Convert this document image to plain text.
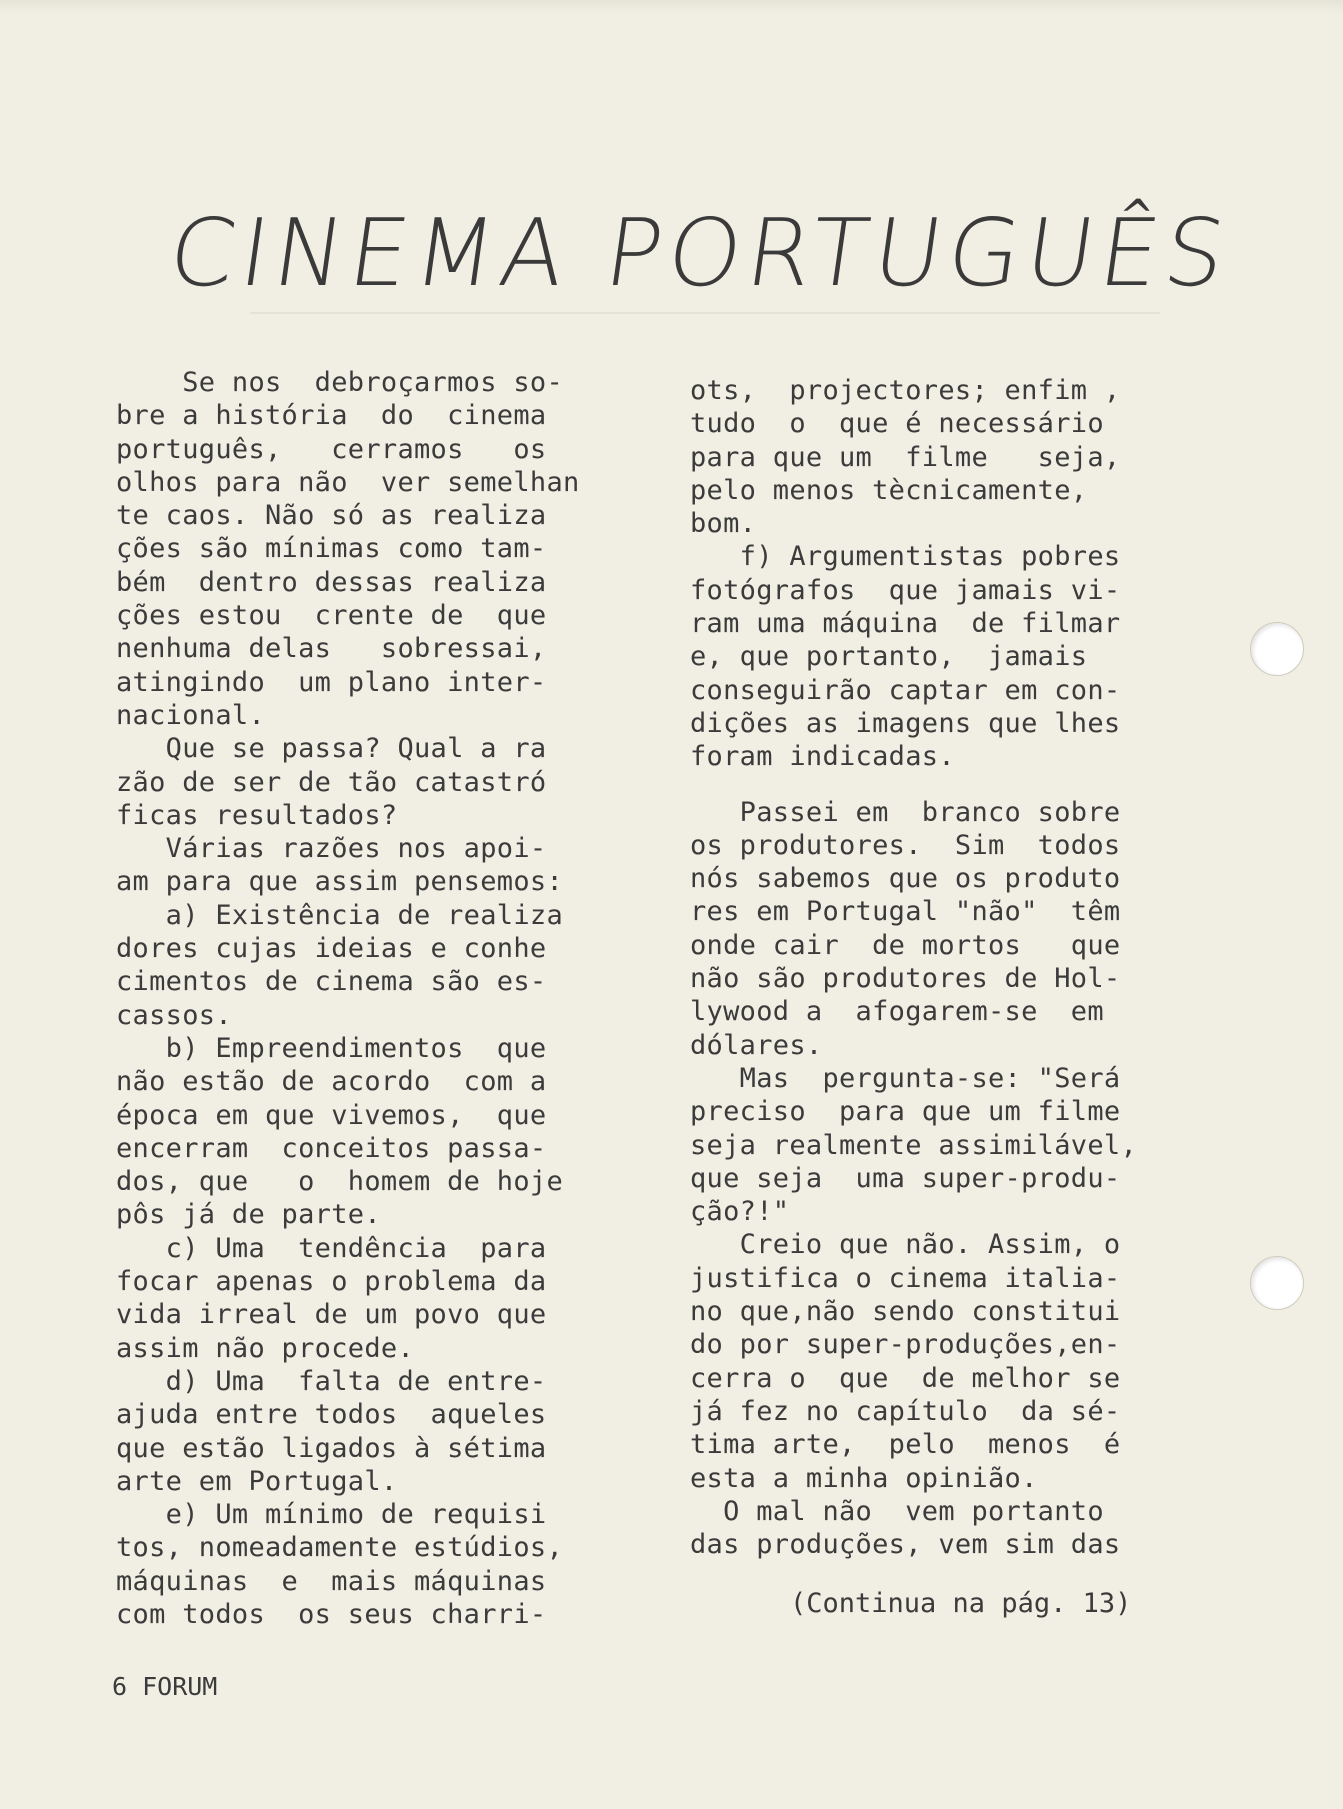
CINEMA PORTUGUÊS
Se nos  debroçarmos so-
bre a história  do  cinema
português,   cerramos   os
olhos para não  ver semelhan
te caos. Não só as realiza
ções são mínimas como tam-
bém  dentro dessas realiza
ções estou  crente de  que
nenhuma delas   sobressai,
atingindo  um plano inter-
nacional.
Que se passa? Qual a ra
zão de ser de tão catastró
ficas resultados?
Várias razões nos apoi-
am para que assim pensemos:
a) Existência de realiza
dores cujas ideias e conhe
cimentos de cinema são es-
cassos.
b) Empreendimentos  que
não estão de acordo  com a
época em que vivemos,  que
encerram  conceitos passa-
dos, que   o  homem de hoje
pôs já de parte.
c) Uma  tendência  para
focar apenas o problema da
vida irreal de um povo que
assim não procede.
d) Uma  falta de entre-
ajuda entre todos  aqueles
que estão ligados à sétima
arte em Portugal.
e) Um mínimo de requisi
tos, nomeadamente estúdios,
máquinas  e  mais máquinas
com todos  os seus charri-
ots,  projectores; enfim ,
tudo  o  que é necessário
para que um  filme   seja,
pelo menos tècnicamente,
bom.
f) Argumentistas pobres
fotógrafos  que jamais vi-
ram uma máquina  de filmar
e, que portanto,  jamais
conseguirão captar em con-
dições as imagens que lhes
foram indicadas.
Passei em  branco sobre
os produtores.  Sim  todos
nós sabemos que os produto
res em Portugal "não"  têm
onde cair  de mortos   que
não são produtores de Hol-
lywood a  afogarem-se  em
dólares.
Mas  pergunta-se: "Será
preciso  para que um filme
seja realmente assimilável,
que seja  uma super-produ-
ção?!"
Creio que não. Assim, o
justifica o cinema italia-
no que,não sendo constitui
do por super-produções,en-
cerra o  que  de melhor se
já fez no capítulo  da sé-
tima arte,  pelo  menos  é
esta a minha opinião.
O mal não  vem portanto
das produções, vem sim das
(Continua na pág. 13)
6 FORUM
